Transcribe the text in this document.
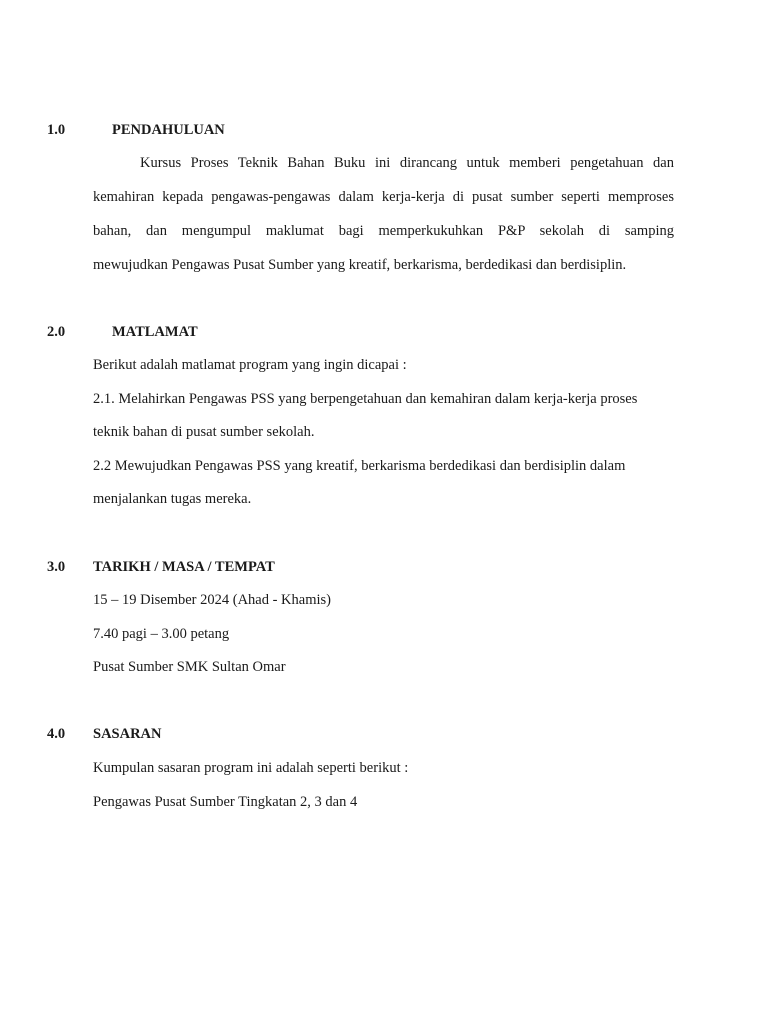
1.0	PENDAHULUAN
Kursus Proses Teknik Bahan Buku ini dirancang untuk memberi pengetahuan dan
kemahiran kepada pengawas-pengawas dalam kerja-kerja di pusat sumber seperti memproses
bahan, dan mengumpul maklumat bagi memperkukuhkan P&P sekolah di samping
mewujudkan Pengawas Pusat Sumber yang kreatif, berkarisma, berdedikasi dan berdisiplin.
2.0	MATLAMAT
Berikut adalah matlamat program yang ingin dicapai :
2.1. Melahirkan Pengawas PSS yang berpengetahuan dan kemahiran dalam kerja-kerja proses
teknik bahan di pusat sumber sekolah.
2.2 Mewujudkan Pengawas PSS yang kreatif, berkarisma berdedikasi dan berdisiplin dalam
menjalankan tugas mereka.
3.0 TARIKH / MASA / TEMPAT
15 – 19 Disember 2024 (Ahad - Khamis)
7.40 pagi – 3.00 petang
Pusat Sumber SMK Sultan Omar
4.0 SASARAN
Kumpulan sasaran program ini adalah seperti berikut :
Pengawas Pusat Sumber Tingkatan 2, 3 dan 4
